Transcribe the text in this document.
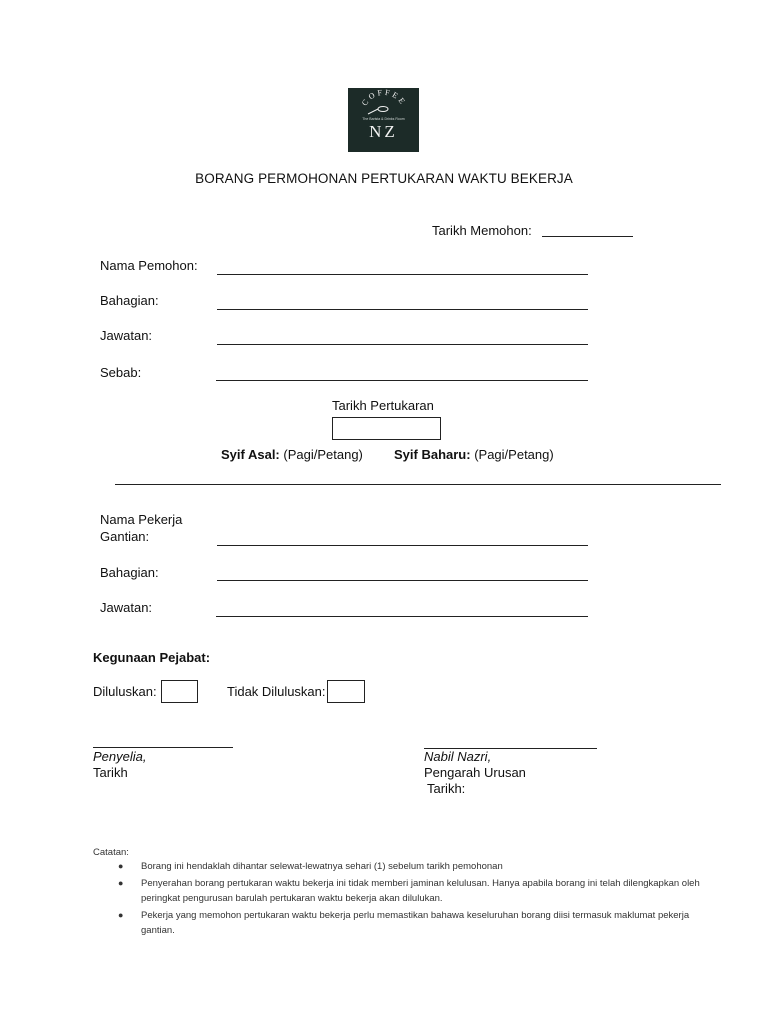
COFFEE
The Barista & Drinks Room
NZ
BORANG PERMOHONAN PERTUKARAN WAKTU BEKERJA
Tarikh Memohon:
Nama Pemohon:
Bahagian:
Jawatan:
Sebab:
Tarikh Pertukaran
Syif Asal: (Pagi/Petang) Syif Baharu: (Pagi/Petang)
Nama Pekerja
Gantian:
Bahagian:
Jawatan:
Kegunaan Pejabat:
Diluluskan:	Tidak Diluluskan:
Penyelia,
Tarikh
Nabil Nazri,
Pengarah Urusan
Tarikh:
Catatan:
● Borang ini hendaklah dihantar selewat-lewatnya sehari (1) sebelum tarikh pemohonan
● Penyerahan borang pertukaran waktu bekerja ini tidak memberi jaminan kelulusan. Hanya apabila borang ini telah dilengkapkan oleh peringkat pengurusan barulah pertukaran waktu bekerja akan dilulukan.
● Pekerja yang memohon pertukaran waktu bekerja perlu memastikan bahawa keseluruhan borang diisi termasuk maklumat pekerja gantian.
